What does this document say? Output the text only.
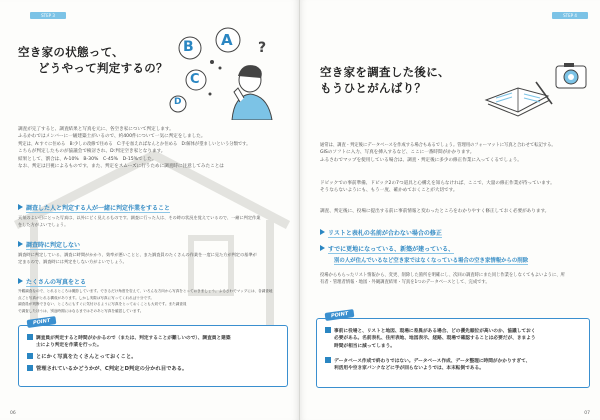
STEP 3
空き家の状態って、
どうやって判定するの？
B A
C
D
?
調査が完了すると、調査結果と写真を元に、各空き家について判定します。
ふるかわではメンバーに一級建築士がいるので、約400件について一気に判定をしました。
判定は、A:すぐに住める　B:少しの改修で住める　C:手を加えればなんとか住める　D:解体が望ましいという分類です。
こちらが判定したものが協議会で検討され、D:判定空き家となります。
結果として、割合は、A-10%　B-30%　C-45%　D-15%でした。
なお、判定は目視によるものです。また、判定をスムーズに行うために調査時に注意してみたことは
調査した人と判定する人が一緒に判定作業をすること
天気のよい日にとった写真は、以外にどく見えるものです。調査に行った人は、その時の状況を覚えているので、一緒に判定作業
をした方がよいでしょう。
調査時に判定しない
調査時に判定している、調査に時間がかかり、効率が悪いことと、また調査員のたくさんの作業を一度に見た方が判定の基準が
定まるので、調査時には判定をしない方がよいでしょう。
たくさんの写真をとる
外観調査なので、とれるところは撮影しています。できるだけ角度を変えて、いろんな方向から写真をとっておきましょう。ふるさわでマップには、各調査地
点ごと写真がとれる構成があります。しかし実際は写真に写ってくれれば十分です。
調査員が判断できない、ところにもすぐに気付けるように写真をとっておくことも大切です。また調査員
で調査したほうは、別途時期にはなるまではそのあと写真を確認しています。
POINT
調査員が判定すると時間がかかるので（または、判定することが難しいので）、調査員と建築
士により判定を作業を行った。
とにかく写真をたくさんとっておくこと。
管理されているかどうかが、C判定とD判定の分かれ目である。
06
STEP 4
空き家を調査した後に、
もうひとがんばり？
通常は、調査・判定後にデータベースを作成する場合もあるでしょう。管理用のフォーマットに写真と合わせて転記する。
GISのソフトに入力、写真を挿入するなど、ここに一番時間がかかります。
ふるさわでマップを使用している場合は、調査・判定後に多少の修正作業に入ってくるでしょう。
ドピックでの事前準備、ドピック2の7つ道具と心構えを知らなければ、ここで、大量の修正作業が待っています。
そうならないようにも、もう一度、確かめておくことが大切です。
調査、判定後に、役場に提出する前に事前情報と変わったところをわかりやすく修正しておく必要があります。
リストと表札の名前が合わない場合の修正
すでに更地になっている、新築が建っている、
別の人が住んでいるなど空き家ではなくなっている場合の空き家情報からの削除
役場からもらったリスト情報から、変更、削除した箇所を明確にし、次回の調査時にまた同じ作業をしなくてもよいように、所
有者・管理者情報・地図・外観調査結果・写真を1つのデータベースとして、完成です。
POINT
事前に役場と、リストと地図、現場に差異がある場合、どの優先順位が高いのか、協議しておく
必要がある。名前表札、住所表地、地図表示、経路、現場で確認することは必要だが、きまよう
時間が相当に減ってしまう。
データベース作成で終わりではない。データベース作成、データ整理に時間がかかりすぎて、
利活用や空き家バンクなどに手が回らないようでは、本末転倒である。
07
